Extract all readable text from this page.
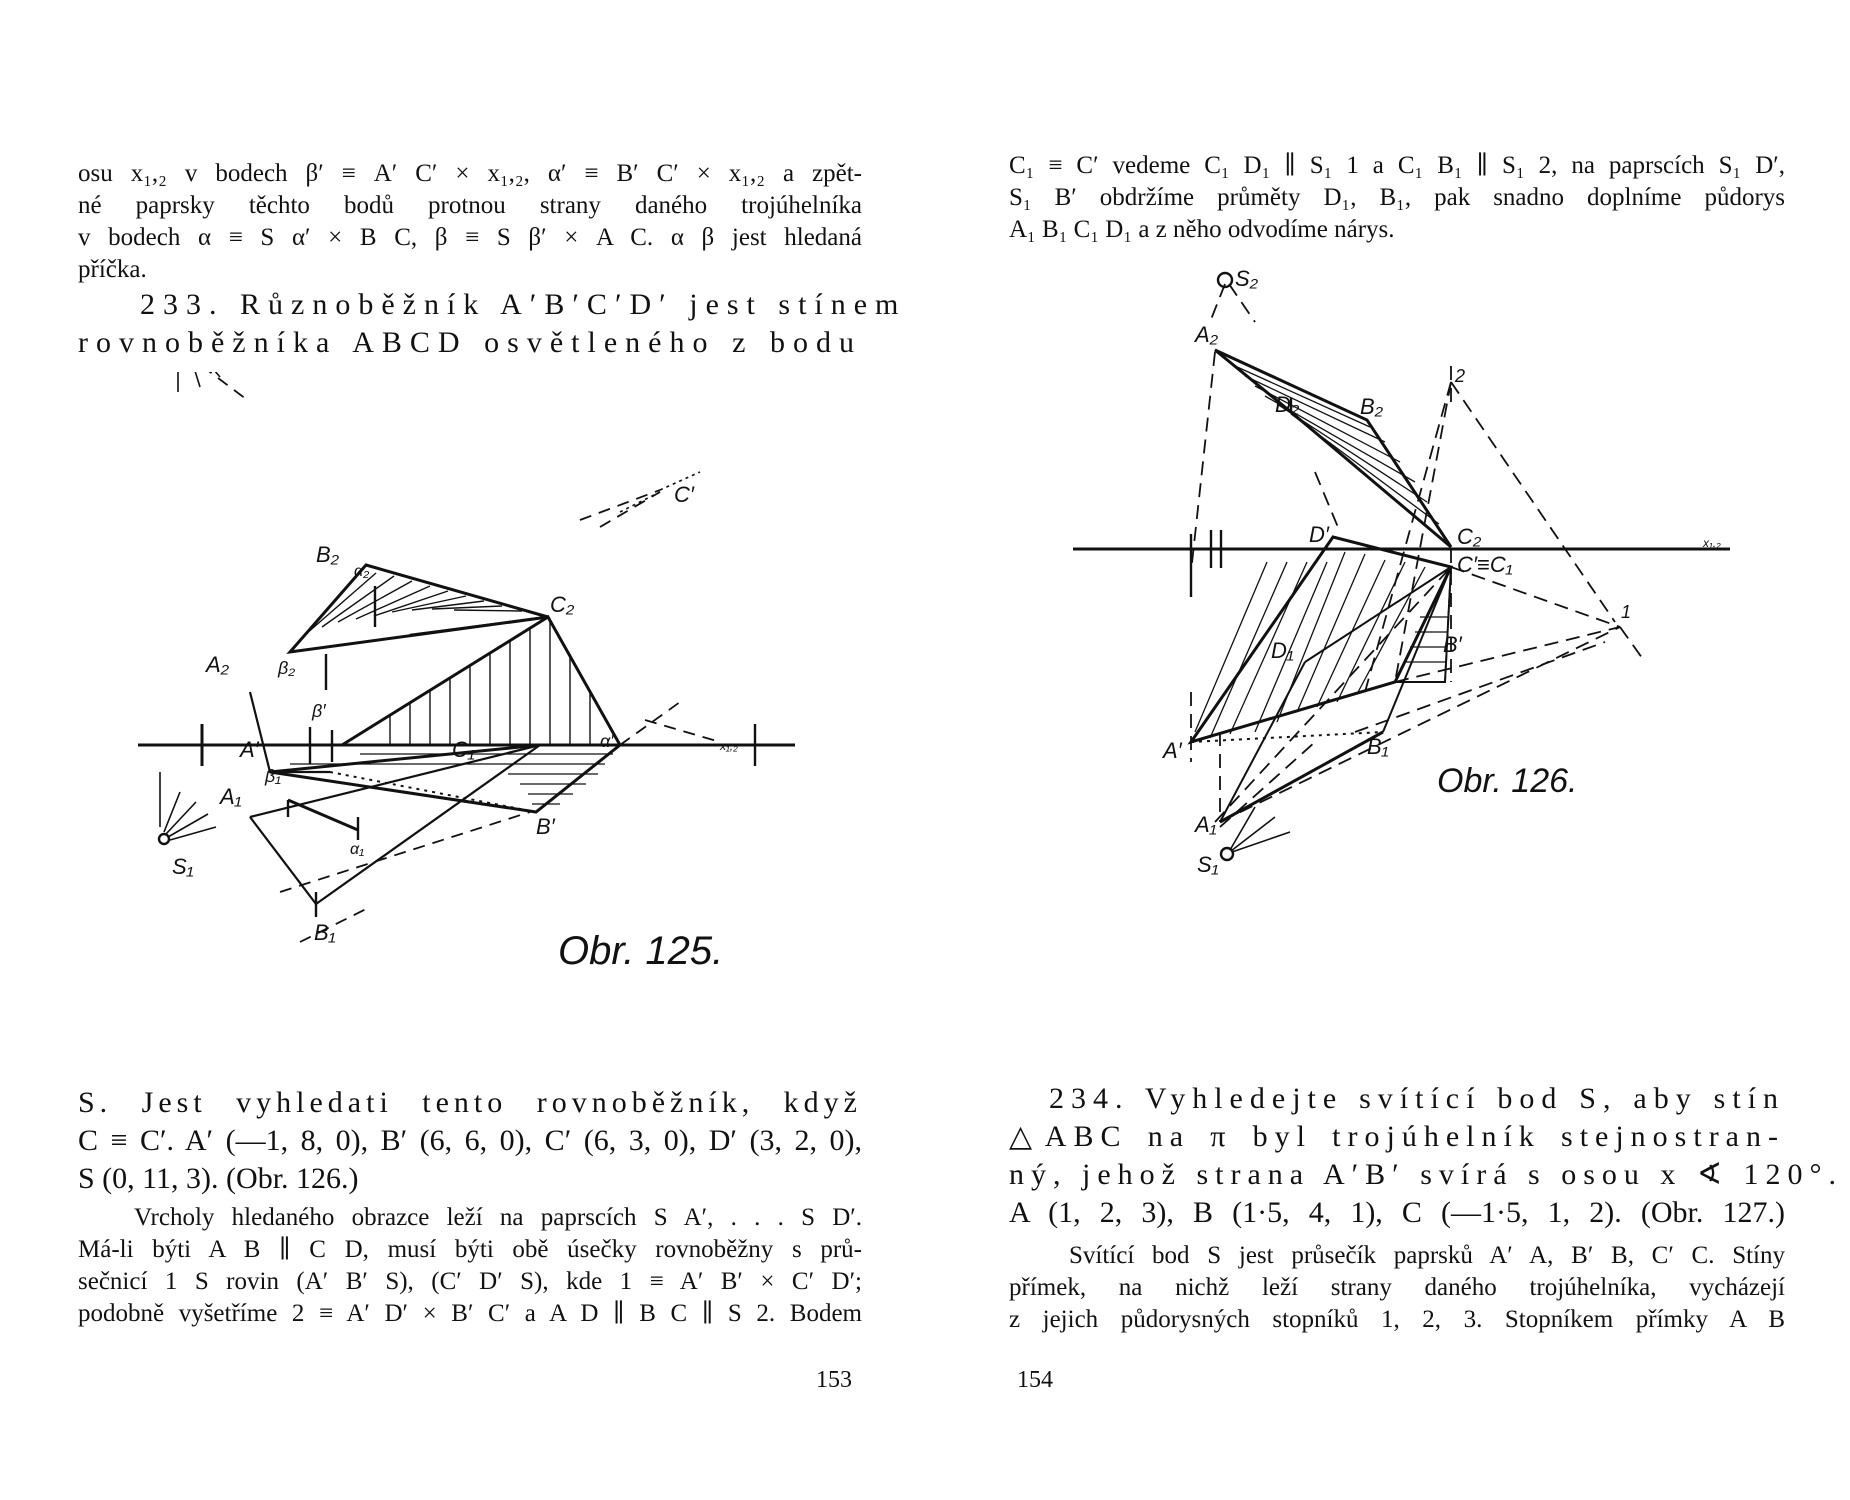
osu x₁,₂ v bodech β′ ≡ A′ C′ × x₁,₂, α′ ≡ B′ C′ × x₁,₂ a zpět-
né paprsky těchto bodů protnou strany daného trojúhelníka
v bodech α ≡ S α′ × B C, β ≡ S β′ × A C. α β jest hledaná
příčka.
233. Různoběžník A′B′C′D′ jest stínem
rovnoběžníka ABCD osvětleného z bodu
S₁
A₂
B₂
α₂
C₂
β₂
C′
β′
α′	x₁,₂
A′	C₁
β₁
A₁
B′
α₁
B₁	Obr. 125.
S. Jest vyhledati tento rovnoběžník, když
C ≡ C′. A′ (—1, 8, 0), B′ (6, 6, 0), C′ (6, 3, 0), D′ (3, 2, 0),
S (0, 11, 3). (Obr. 126.)
Vrcholy hledaného obrazce leží na paprscích S A′, . . . S D′.
Má-li býti A B ∥ C D, musí býti obě úsečky rovnoběžny s prů-
sečnicí 1 S rovin (A′ B′ S), (C′ D′ S), kde 1 ≡ A′ B′ × C′ D′;
podobně vyšetříme 2 ≡ A′ D′ × B′ C′ a A D ∥ B C ∥ S 2. Bodem
153
C₁ ≡ C′ vedeme C₁ D₁ ∥ S₁ 1 a C₁ B₁ ∥ S₁ 2, na paprscích S₁ D′,
S₁ B′ obdržíme průměty D₁, B₁, pak snadno doplníme půdorys
A₁ B₁ C₁ D₁ a z něho odvodíme nárys.
S₂
A₂
B₂
D₂
2
C₂	x₁,₂
D′
C′≡C₁
B′
D₁
1
A′	B₁
A₁
S₁
Obr. 126.
234. Vyhledejte svítící bod S, aby stín
△ABC na π byl trojúhelník stejnostran-
ný, jehož strana A′B′ svírá s osou x ∢ 120°.
A (1, 2, 3), B (1·5, 4, 1), C (—1·5, 1, 2). (Obr. 127.)
Svítící bod S jest průsečík paprsků A′ A, B′ B, C′ C. Stíny
přímek, na nichž leží strany daného trojúhelníka, vycházejí
z jejich půdorysných stopníků 1, 2, 3. Stopníkem přímky A B
154
